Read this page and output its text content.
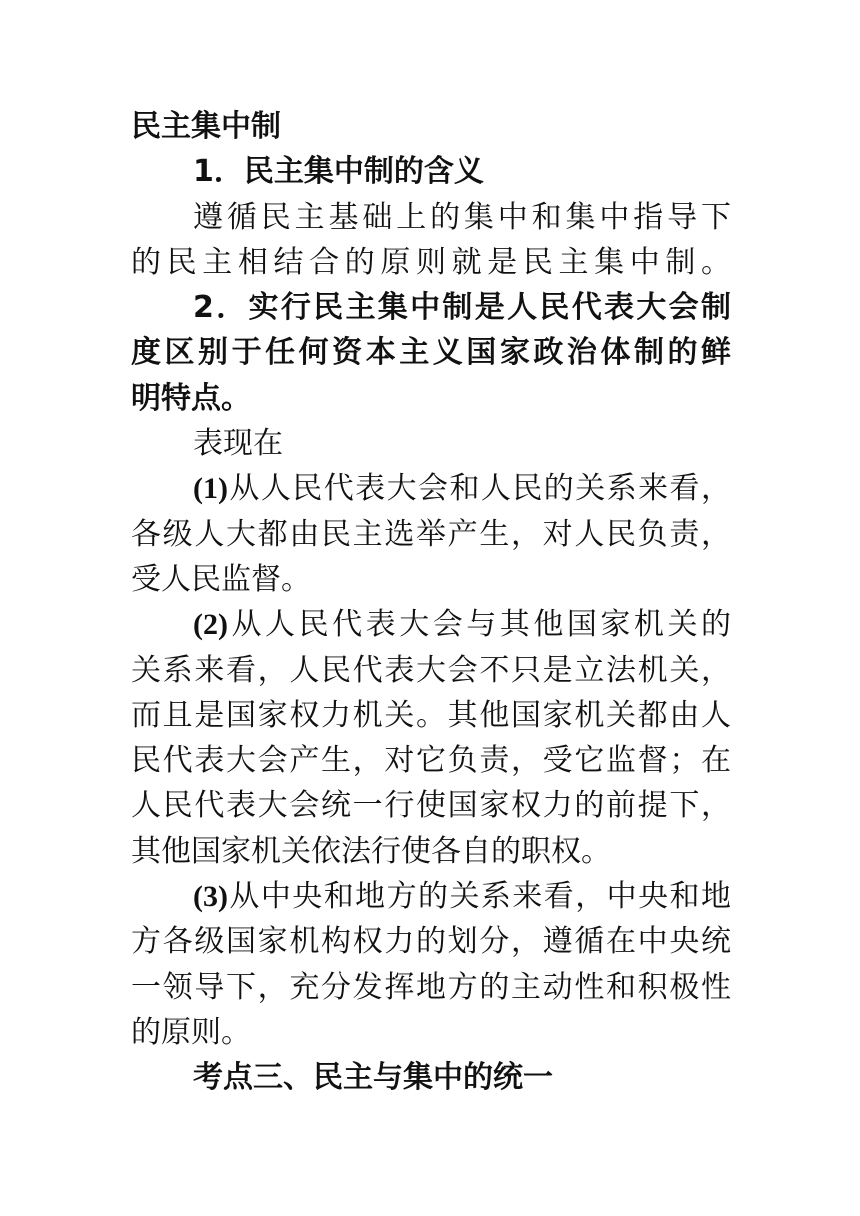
民主集中制
1．民主集中制的含义
遵循民主基础上的集中和集中指导下
的民主相结合的原则就是民主集中制。
2．实行民主集中制是人民代表大会制
度区别于任何资本主义国家政治体制的鲜
明特点。
表现在
(1)从人民代表大会和人民的关系来看，
各级人大都由民主选举产生，对人民负责，
受人民监督。
(2)从人民代表大会与其他国家机关的
关系来看，人民代表大会不只是立法机关，
而且是国家权力机关。其他国家机关都由人
民代表大会产生，对它负责，受它监督；在
人民代表大会统一行使国家权力的前提下，
其他国家机关依法行使各自的职权。
(3)从中央和地方的关系来看，中央和地
方各级国家机构权力的划分，遵循在中央统
一领导下，充分发挥地方的主动性和积极性
的原则。
考点三、民主与集中的统一
